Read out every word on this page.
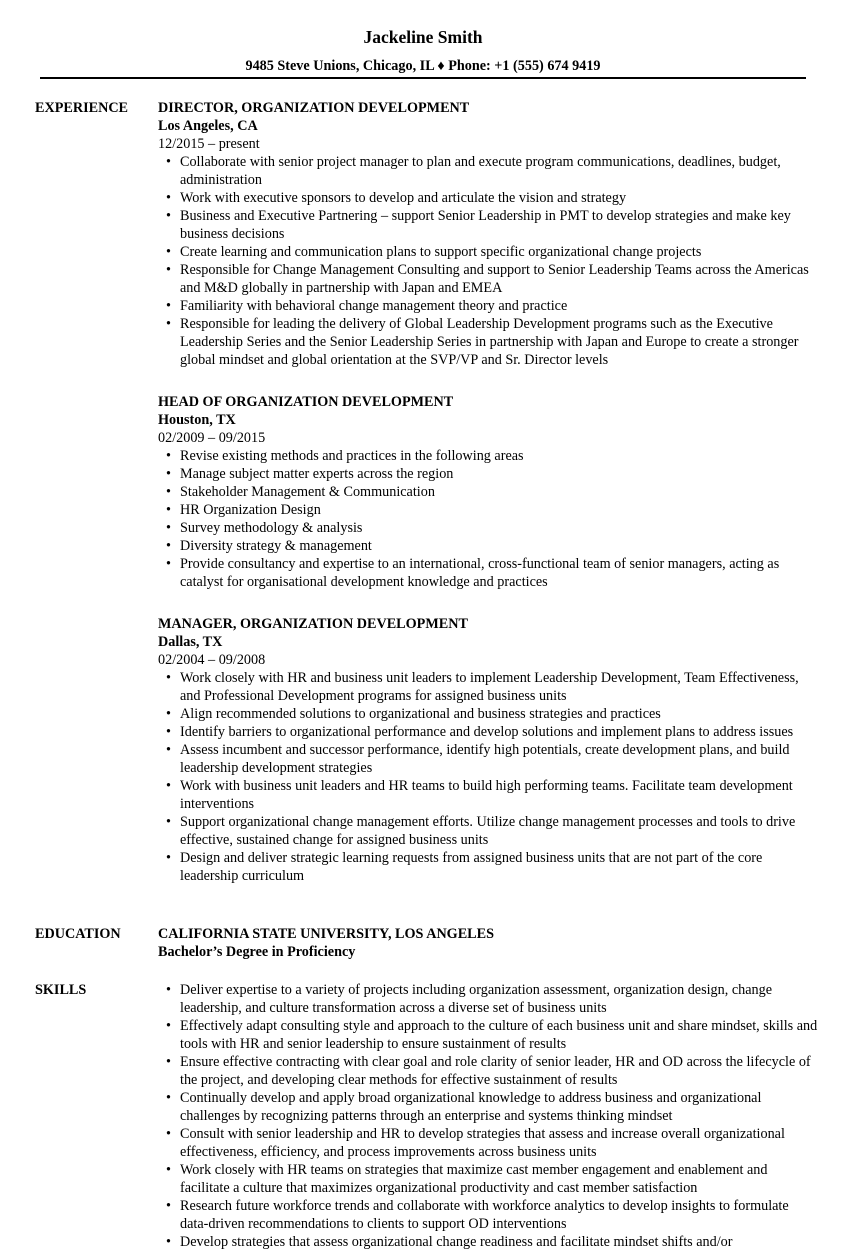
Jackeline Smith
9485 Steve Unions, Chicago, IL ♦ Phone: +1 (555) 674 9419
EXPERIENCE DIRECTOR, ORGANIZATION DEVELOPMENT
Los Angeles, CA
12/2015 – present
• Collaborate with senior project manager to plan and execute program communications, deadlines, budget, administration
• Work with executive sponsors to develop and articulate the vision and strategy
• Business and Executive Partnering – support Senior Leadership in PMT to develop strategies and make key business decisions
• Create learning and communication plans to support specific organizational change projects
• Responsible for Change Management Consulting and support to Senior Leadership Teams across the Americas and M&D globally in partnership with Japan and EMEA
• Familiarity with behavioral change management theory and practice
• Responsible for leading the delivery of Global Leadership Development programs such as the Executive Leadership Series and the Senior Leadership Series in partnership with Japan and Europe to create a stronger global mindset and global orientation at the SVP/VP and Sr. Director levels
HEAD OF ORGANIZATION DEVELOPMENT
Houston, TX
02/2009 – 09/2015
• Revise existing methods and practices in the following areas
• Manage subject matter experts across the region
• Stakeholder Management & Communication
• HR Organization Design
• Survey methodology & analysis
• Diversity strategy & management
• Provide consultancy and expertise to an international, cross-functional team of senior managers, acting as catalyst for organisational development knowledge and practices
MANAGER, ORGANIZATION DEVELOPMENT
Dallas, TX
02/2004 – 09/2008
• Work closely with HR and business unit leaders to implement Leadership Development, Team Effectiveness, and Professional Development programs for assigned business units
• Align recommended solutions to organizational and business strategies and practices
• Identify barriers to organizational performance and develop solutions and implement plans to address issues
• Assess incumbent and successor performance, identify high potentials, create development plans, and build leadership development strategies
• Work with business unit leaders and HR teams to build high performing teams. Facilitate team development interventions
• Support organizational change management efforts. Utilize change management processes and tools to drive effective, sustained change for assigned business units
• Design and deliver strategic learning requests from assigned business units that are not part of the core leadership curriculum
EDUCATION	CALIFORNIA STATE UNIVERSITY, LOS ANGELES
Bachelor’s Degree in Proficiency
SKILLS
•	Deliver expertise to a variety of projects including organization assessment, organization design, change leadership, and culture transformation across a diverse set of business units
• Effectively adapt consulting style and approach to the culture of each business unit and share mindset, skills and tools with HR and senior leadership to ensure sustainment of results
• Ensure effective contracting with clear goal and role clarity of senior leader, HR and OD across the lifecycle of the project, and developing clear methods for effective sustainment of results
• Continually develop and apply broad organizational knowledge to address business and organizational challenges by recognizing patterns through an enterprise and systems thinking mindset
• Consult with senior leadership and HR to develop strategies that assess and increase overall organizational effectiveness, efficiency, and process improvements across business units
• Work closely with HR teams on strategies that maximize cast member engagement and enablement and facilitate a culture that maximizes organizational productivity and cast member satisfaction
• Research future workforce trends and collaborate with workforce analytics to develop insights to formulate data-driven recommendations to clients to support OD interventions
• Develop strategies that assess organizational change readiness and facilitate mindset shifts and/or
